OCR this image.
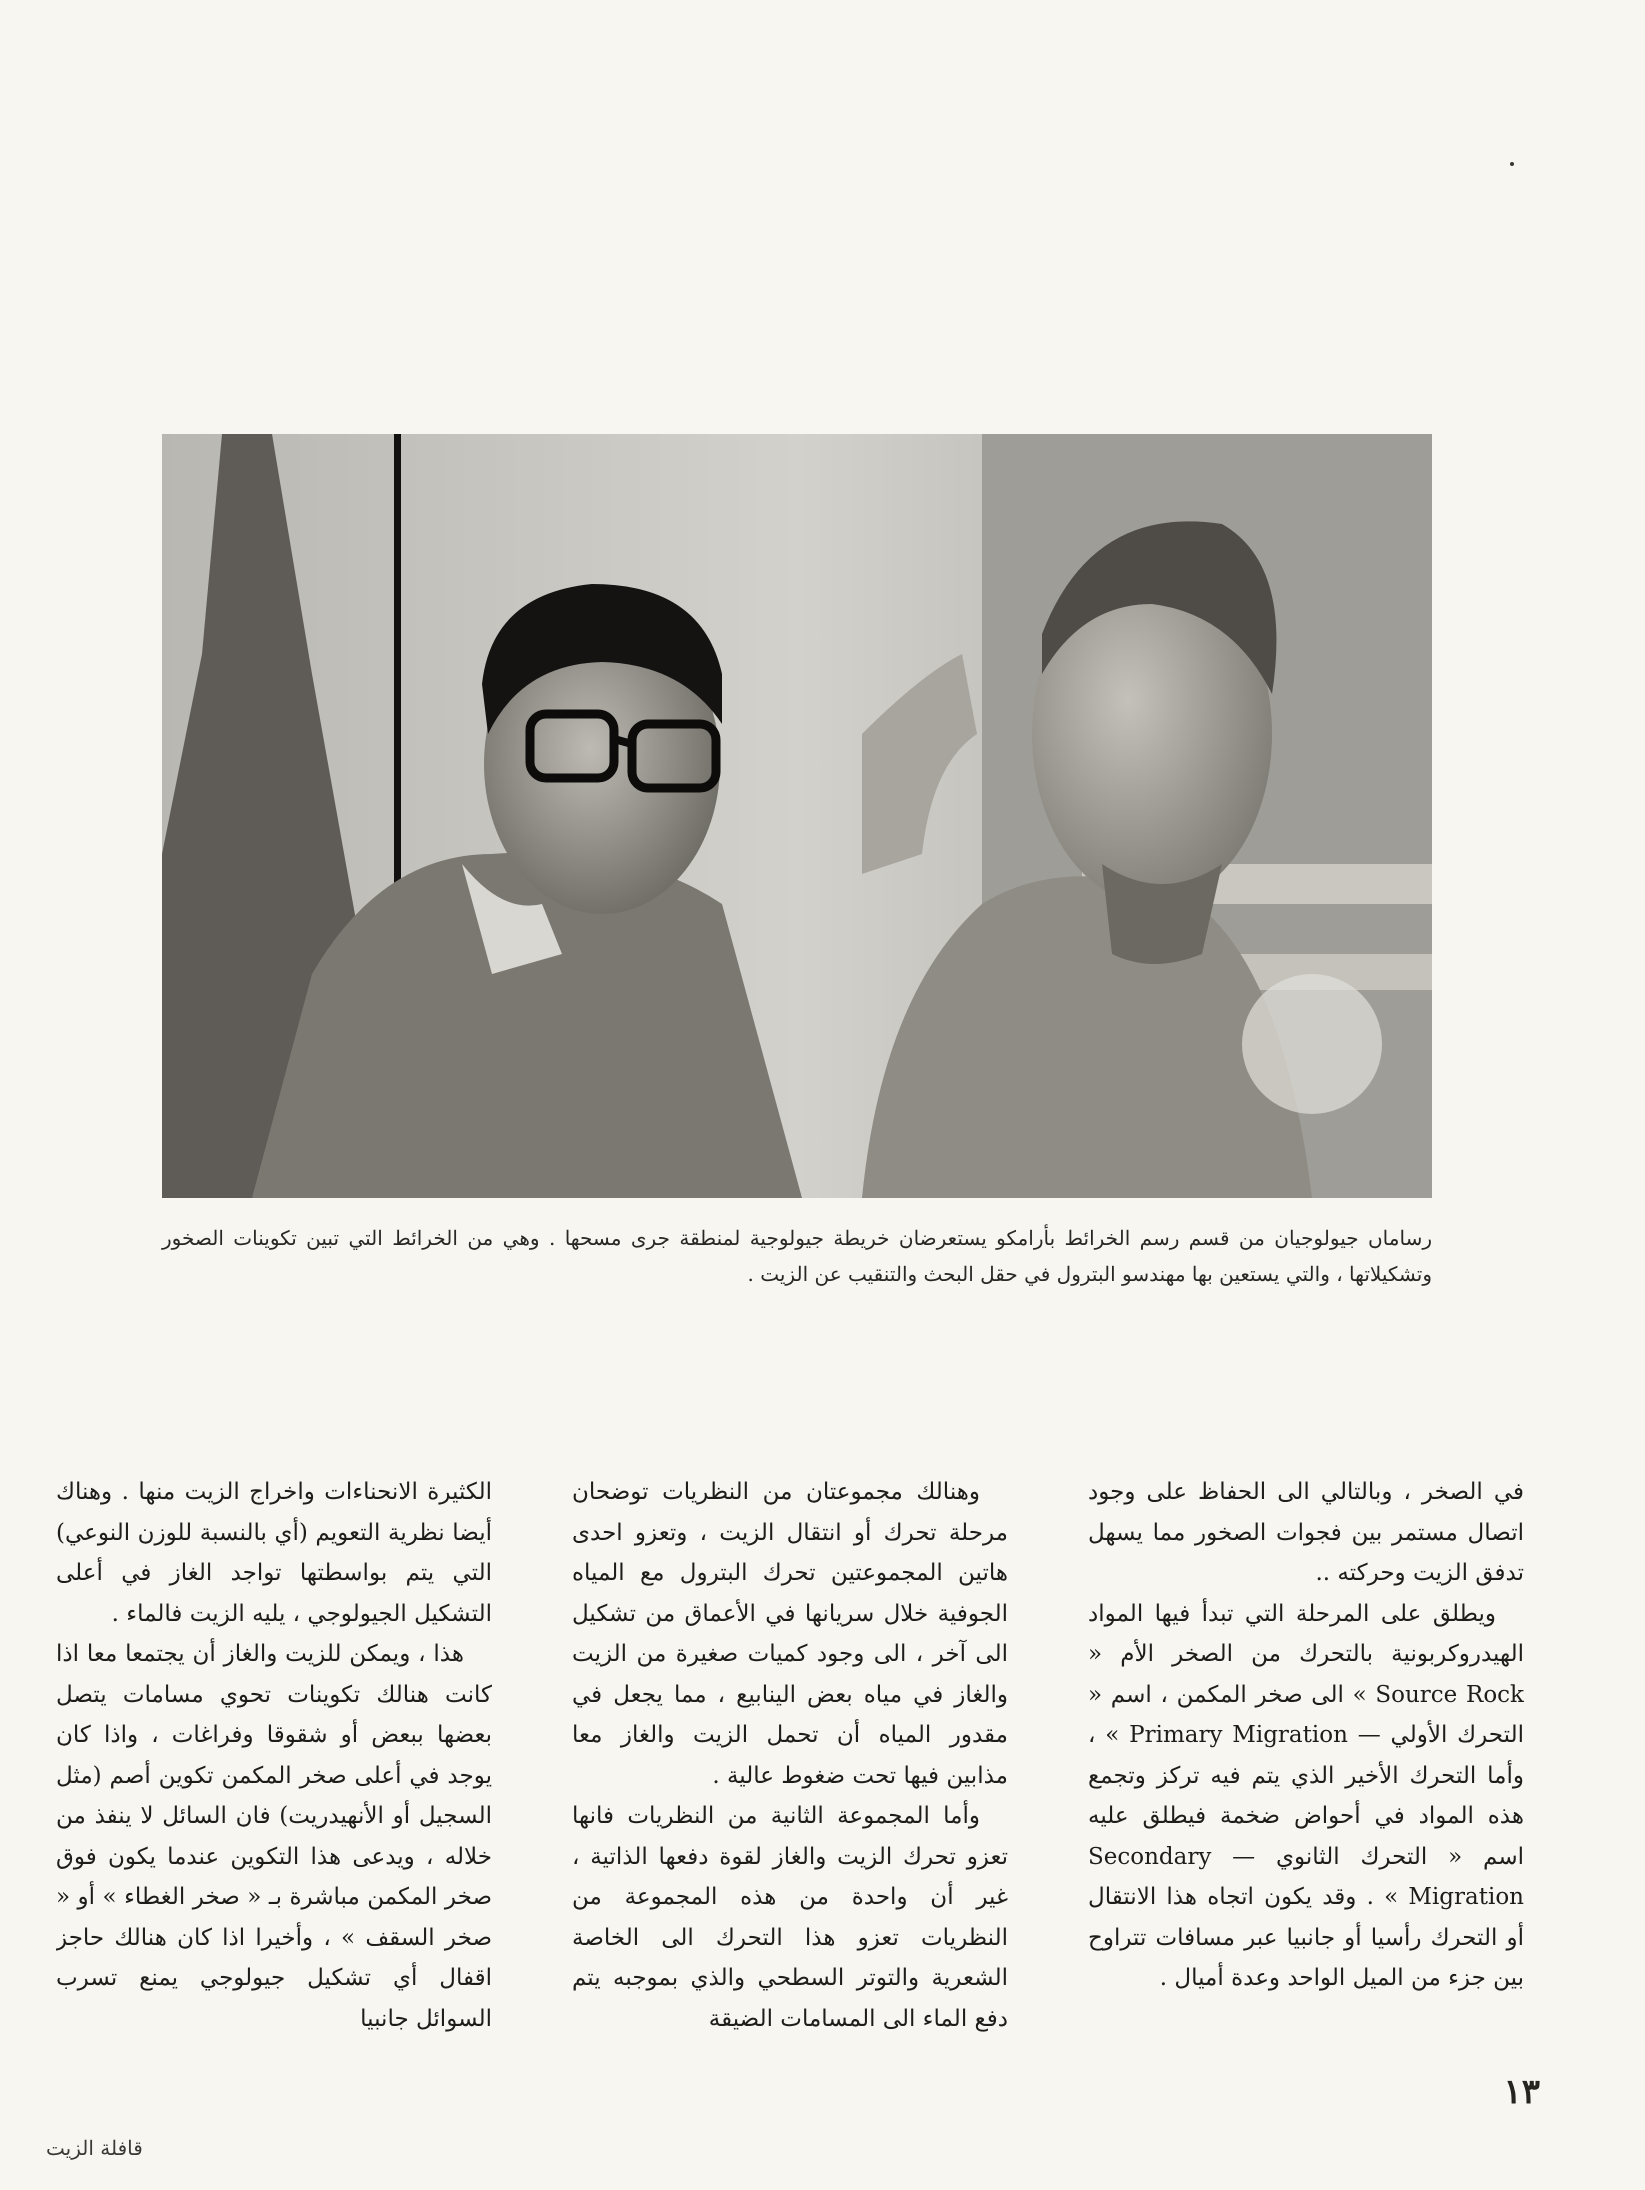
رساماں جيولوجيان من قسم رسم الخرائط بأرامكو يستعرضان خريطة جيولوجية لمنطقة جرى مسحها . وهي من الخرائط التي تبين تكوينات الصخور وتشكيلاتها ، والتي يستعين بها مهندسو البترول في حقل البحث والتنقيب عن الزيت .

في الصخر ، وبالتالي الى الحفاظ على وجود اتصال مستمر بين فجوات الصخور مما يسهل تدفق الزيت وحركته ..

ويطلق على المرحلة التي تبدأ فيها المواد الهيدروكربونية بالتحرك من الصخر الأم « Source Rock » الى صخر المكمن ، اسم « التحرك الأولي — Primary Migration » ، وأما التحرك الأخير الذي يتم فيه تركز وتجمع هذه المواد في أحواض ضخمة فيطلق عليه اسم « التحرك الثانوي — Secondary Migration » . وقد يكون اتجاه هذا الانتقال أو التحرك رأسيا أو جانبيا عبر مسافات تتراوح بين جزء من الميل الواحد وعدة أميال .

وهنالك مجموعتان من النظريات توضحان مرحلة تحرك أو انتقال الزيت ، وتعزو احدى هاتين المجموعتين تحرك البترول مع المياه الجوفية خلال سريانها في الأعماق من تشكيل الى آخر ، الى وجود كميات صغيرة من الزيت والغاز في مياه بعض الينابيع ، مما يجعل في مقدور المياه أن تحمل الزيت والغاز معا مذابين فيها تحت ضغوط عالية .

وأما المجموعة الثانية من النظريات فانها تعزو تحرك الزيت والغاز لقوة دفعها الذاتية ، غير أن واحدة من هذه المجموعة من النظريات تعزو هذا التحرك الى الخاصة الشعرية والتوتر السطحي والذي بموجبه يتم دفع الماء الى المسامات الضيقة

الكثيرة الانحناءات واخراج الزيت منها . وهناك أيضا نظرية التعويم (أي بالنسبة للوزن النوعي) التي يتم بواسطتها تواجد الغاز في أعلى التشكيل الجيولوجي ، يليه الزيت فالماء .

هذا ، ويمكن للزيت والغاز أن يجتمعا معا اذا كانت هنالك تكوينات تحوي مسامات يتصل بعضها ببعض أو شقوقا وفراغات ، واذا كان يوجد في أعلى صخر المكمن تكوين أصم (مثل السجيل أو الأنهيدريت) فان السائل لا ينفذ من خلاله ، ويدعى هذا التكوين عندما يكون فوق صخر المكمن مباشرة بـ « صخر الغطاء » أو « صخر السقف » ، وأخيرا اذا كان هنالك حاجز اقفال أي تشكيل جيولوجي يمنع تسرب السوائل جانبيا

١٣
قافلة الزيت
